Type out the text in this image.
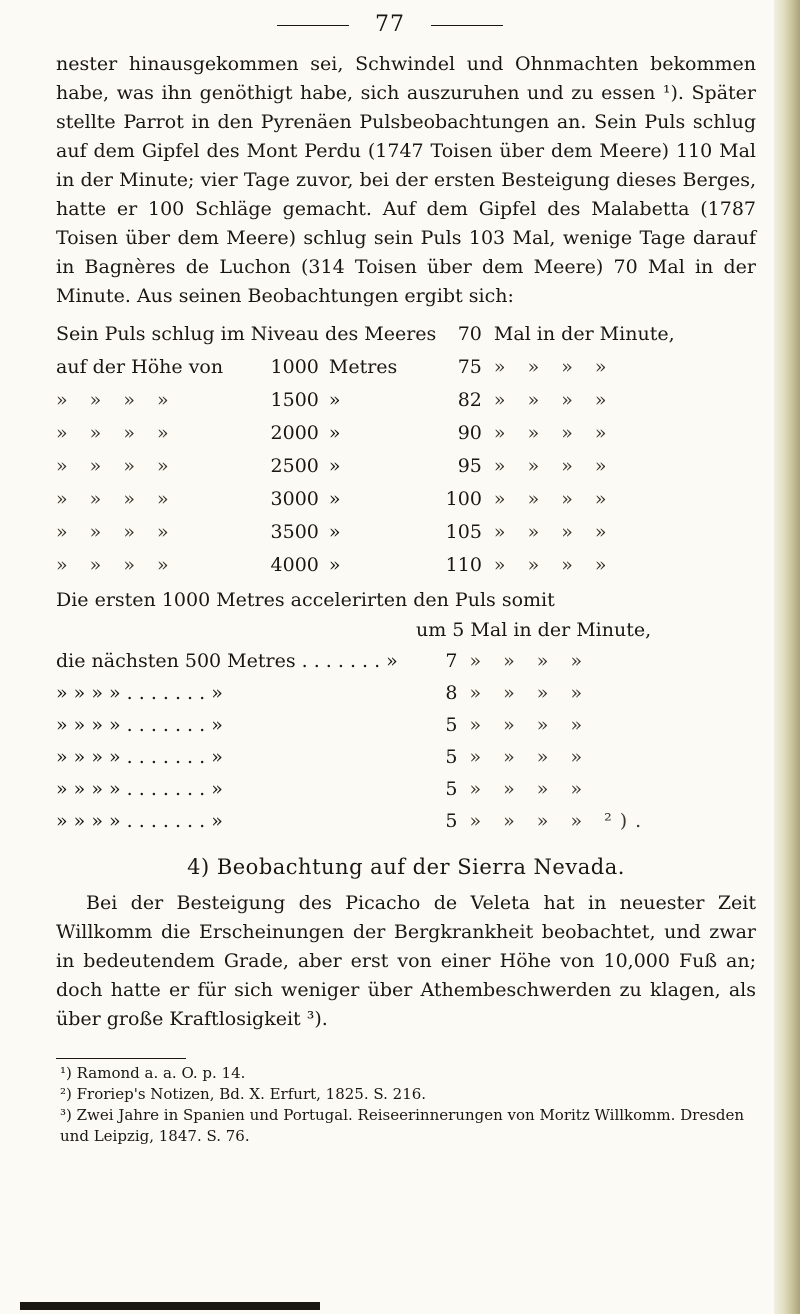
77

nester hinausgekommen sei, Schwindel und Ohnmachten bekommen habe, was ihn genöthigt habe, sich auszuruhen und zu essen ¹). Später stellte Parrot in den Pyrenäen Pulsbeobachtungen an. Sein Puls schlug auf dem Gipfel des Mont Perdu (1747 Toisen über dem Meere) 110 Mal in der Minute; vier Tage zuvor, bei der ersten Besteigung dieses Berges, hatte er 100 Schläge gemacht. Auf dem Gipfel des Malabetta (1787 Toisen über dem Meere) schlug sein Puls 103 Mal, wenige Tage darauf in Bagnères de Luchon (314 Toisen über dem Meere) 70 Mal in der Minute. Aus seinen Beobachtungen ergibt sich:

Sein Puls schlug im Niveau des Meeres			70	Mal in der Minute,
auf der Höhe von	1000	Metres	75	» » » »
» » » »	1500	»	82	» » » »
» » » »	2000	»	90	» » » »
» » » »	2500	»	95	» » » »
» » » »	3000	»	100	» » » »
» » » »	3500	»	105	» » » »
» » » »	4000	»	110	» » » »
Die ersten 1000 Metres accelerirten den Puls somit
um 5 Mal in der Minute,
die nächsten 500 Metres . . . . . . . »	7	» » » »
» » » » . . . . . . . »	8	» » » »
» » » » . . . . . . . »	5	» » » »
» » » » . . . . . . . »	5	» » » »
» » » » . . . . . . . »	5	» » » »
» » » » . . . . . . . »	5	» » » » ²).
4) Beobachtung auf der Sierra Nevada.

Bei der Besteigung des Picacho de Veleta hat in neuester Zeit Willkomm die Erscheinungen der Bergkrankheit beobachtet, und zwar in bedeutendem Grade, aber erst von einer Höhe von 10,000 Fuß an; doch hatte er für sich weniger über Athembeschwerden zu klagen, als über große Kraftlosigkeit ³).

¹) Ramond a. a. O. p. 14.

²) Froriep's Notizen, Bd. X. Erfurt, 1825. S. 216.

³) Zwei Jahre in Spanien und Portugal. Reiseerinnerungen von Moritz Willkomm. Dresden und Leipzig, 1847. S. 76.
